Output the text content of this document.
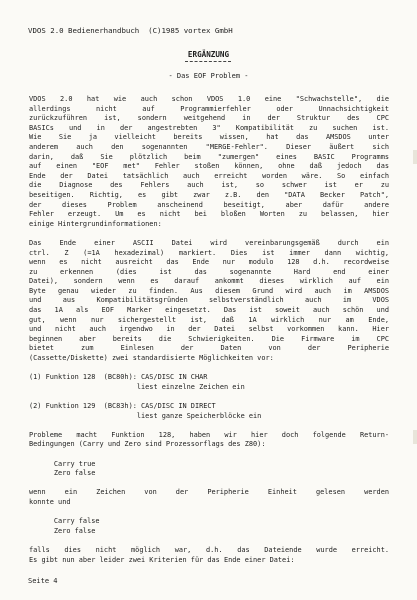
VDOS 2.0 Bedienerhandbuch  (C)1985 vortex GmbH
ERGÄNZUNG
- Das EOF Problem -

VDOS 2.0 hat wie auch schon VDOS 1.0 eine "Schwachstelle", die

allerdings nicht auf Programmierfehler oder Unnachsichtigkeit

zurückzuführen ist, sondern weitgehend in der Struktur des CPC

BASICs und in der angestrebten 3" Kompatibilität zu suchen ist.

Wie Sie ja vielleicht bereits wissen, hat das AMSDOS unter

anderem auch den sogenannten "MERGE-Fehler". Dieser äußert sich

darin, daß Sie plötzlich beim "zumergen" eines BASIC Programms

auf einen "EOF met" Fehler stoßen können, ohne daß jedoch das

Ende der Datei tatsächlich auch erreicht worden wäre. So einfach

die Diagnose des Fehlers auch ist, so schwer ist er zu

beseitigen. Richtig, es gibt zwar z.B. den "DATA Becker Patch",

der dieses Problem anscheinend beseitigt, aber dafür andere

Fehler erzeugt. Um es nicht bei bloßen Worten zu belassen, hier

einige Hintergrundinformationen:

Das Ende einer ASCII Datei wird vereinbarungsgemäß durch ein

ctrl. Z (=1A hexadezimal) markiert. Dies ist immer dann wichtig,

wenn es nicht ausreicht das Ende nur modulo 128 d.h. recordweise

zu erkennen (dies ist das sogenannte Hard end einer

Datei), sondern wenn es darauf ankommt dieses wirklich auf ein

Byte genau wieder zu finden. Aus diesem Grund wird auch im AMSDOS

und aus Kompatibilitätsgründen selbstverständlich auch im VDOS

das 1A als EOF Marker eingesetzt. Das ist soweit auch schön und

gut, wenn nur sichergestellt ist, daß 1A wirklich nur am Ende,

und nicht auch irgendwo in der Datei selbst vorkommen kann. Hier

beginnen aber bereits die Schwierigkeiten. Die Firmware im CPC

bietet zum Einlesen der Daten von der Peripherie

(Cassette/Diskette) zwei standardisierte Möglichkeiten vor:

(1) Funktion 128  (BC80h): CAS/DISC IN CHAR

liest einzelne Zeichen ein

(2) Funktion 129  (BC83h): CAS/DISC IN DIRECT

liest ganze Speicherblöcke ein

Probleme macht Funktion 128, haben wir hier doch folgende Return-

Bedingungen (Carry und Zero sind Prozessorflags des Z80):

Carry true

Zero false

wenn ein Zeichen von der Peripherie Einheit gelesen werden

konnte und

Carry false

Zero false

falls dies nicht möglich war, d.h. das Dateiende wurde erreicht.

Es gibt nun aber leider zwei Kriterien für das Ende einer Datei:

Seite 4
